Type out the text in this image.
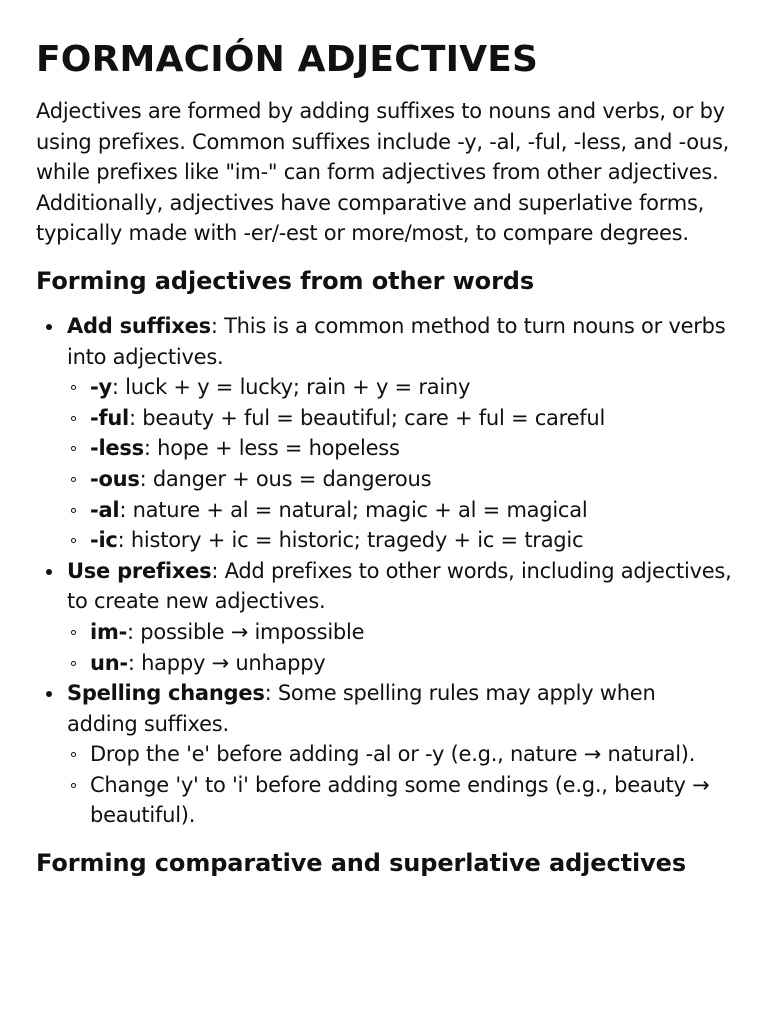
FORMACIÓN ADJECTIVES

Adjectives are formed by adding suffixes to nouns and verbs, or by using prefixes. Common suffixes include -y, -al, -ful, -less, and -ous, while prefixes like "im-" can form adjectives from other adjectives. Additionally, adjectives have comparative and superlative forms, typically made with -er/-est or more/most, to compare degrees.

Forming adjectives from other words
Add suffixes: This is a common method to turn nouns or verbs into adjectives.
-y: luck + y = lucky; rain + y = rainy
-ful: beauty + ful = beautiful; care + ful = careful
-less: hope + less = hopeless
-ous: danger + ous = dangerous
-al: nature + al = natural; magic + al = magical
-ic: history + ic = historic; tragedy + ic = tragic
Use prefixes: Add prefixes to other words, including adjectives, to create new adjectives.
im-: possible → impossible
un-: happy → unhappy
Spelling changes: Some spelling rules may apply when adding suffixes.
Drop the 'e' before adding -al or -y (e.g., nature → natural).
Change 'y' to 'i' before adding some endings (e.g., beauty → beautiful).
Forming comparative and superlative adjectives
